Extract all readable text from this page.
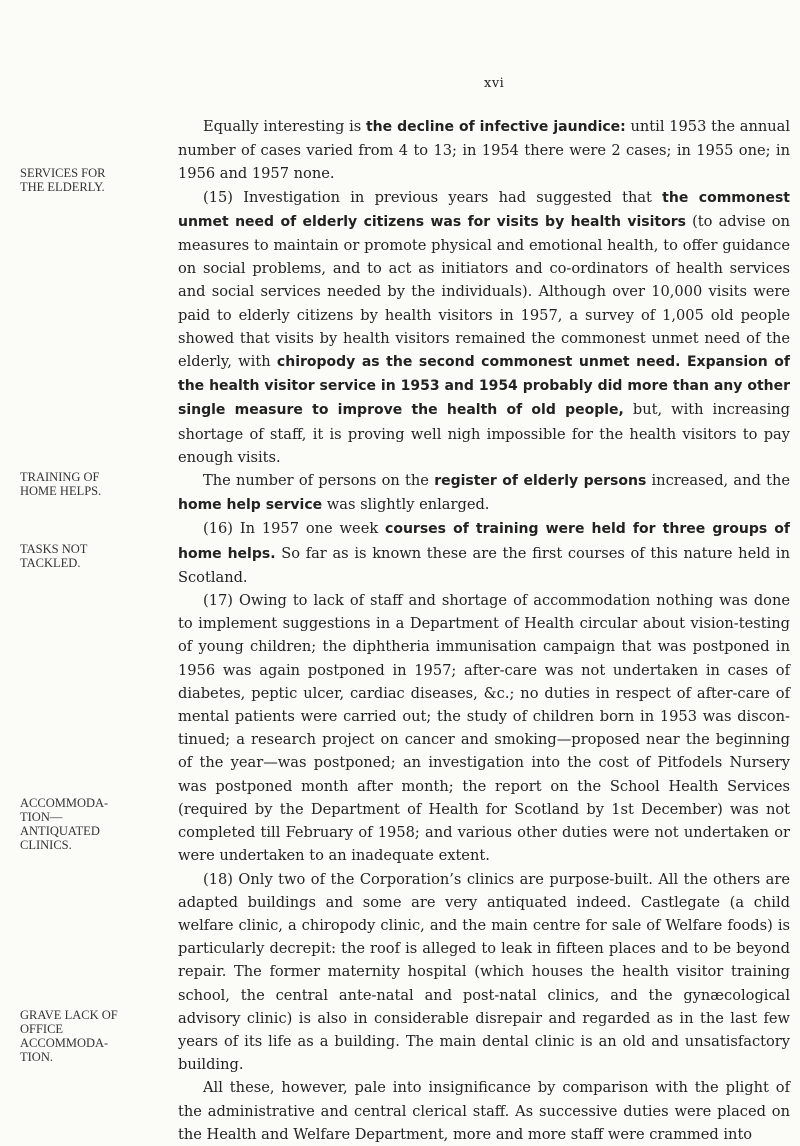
xvi
SERVICES FOR THE ELDERLY.
TRAINING OF HOME HELPS.
TASKS NOT TACKLED.
ACCOMMODA-TION—ANTIQUATED CLINICS.
GRAVE LACK OF OFFICE ACCOMMODA-TION.

Equally interesting is the decline of infective jaundice: until 1953 the annual number of cases varied from 4 to 13; in 1954 there were 2 cases; in 1955 one; in 1956 and 1957 none.

(15) Investigation in previous years had suggested that the commonest unmet need of elderly citizens was for visits by health visitors (to advise on measures to maintain or promote physical and emotional health, to offer guidance on social problems, and to act as initiators and co-ordinators of health services and social services needed by the individuals). Although over 10,000 visits were paid to elderly citizens by health visitors in 1957, a survey of 1,005 old people showed that visits by health visitors remained the commonest unmet need of the elderly, with chiropody as the second commonest unmet need. Expansion of the health visitor service in 1953 and 1954 probably did more than any other single measure to improve the health of old people, but, with increasing shortage of staff, it is proving well nigh impossible for the health visitors to pay enough visits.

The number of persons on the register of elderly persons increased, and the home help service was slightly enlarged.

(16) In 1957 one week courses of training were held for three groups of home helps. So far as is known these are the first courses of this nature held in Scotland.

(17) Owing to lack of staff and shortage of accommodation nothing was done to implement suggestions in a Department of Health circular about vision-testing of young children; the diphtheria immunisation campaign that was postponed in 1956 was again postponed in 1957; after-care was not undertaken in cases of diabetes, peptic ulcer, cardiac diseases, &c.; no duties in respect of after-care of mental patients were carried out; the study of children born in 1953 was discon-tinued; a research project on cancer and smoking—proposed near the beginning of the year—was postponed; an investigation into the cost of Pitfodels Nursery was postponed month after month; the report on the School Health Services (required by the Department of Health for Scotland by 1st December) was not completed till February of 1958; and various other duties were not undertaken or were undertaken to an inadequate extent.

(18) Only two of the Corporation’s clinics are purpose-built. All the others are adapted buildings and some are very antiquated indeed. Castlegate (a child welfare clinic, a chiropody clinic, and the main centre for sale of Welfare foods) is particularly decrepit: the roof is alleged to leak in fifteen places and to be beyond repair. The former maternity hospital (which houses the health visitor training school, the central ante-natal and post-natal clinics, and the gynæcological advisory clinic) is also in considerable disrepair and regarded as in the last few years of its life as a building. The main dental clinic is an old and unsatisfactory building.

All these, however, pale into insignificance by comparison with the plight of the administrative and central clerical staff. As successive duties were placed on the Health and Welfare Department, more and more staff were crammed into
